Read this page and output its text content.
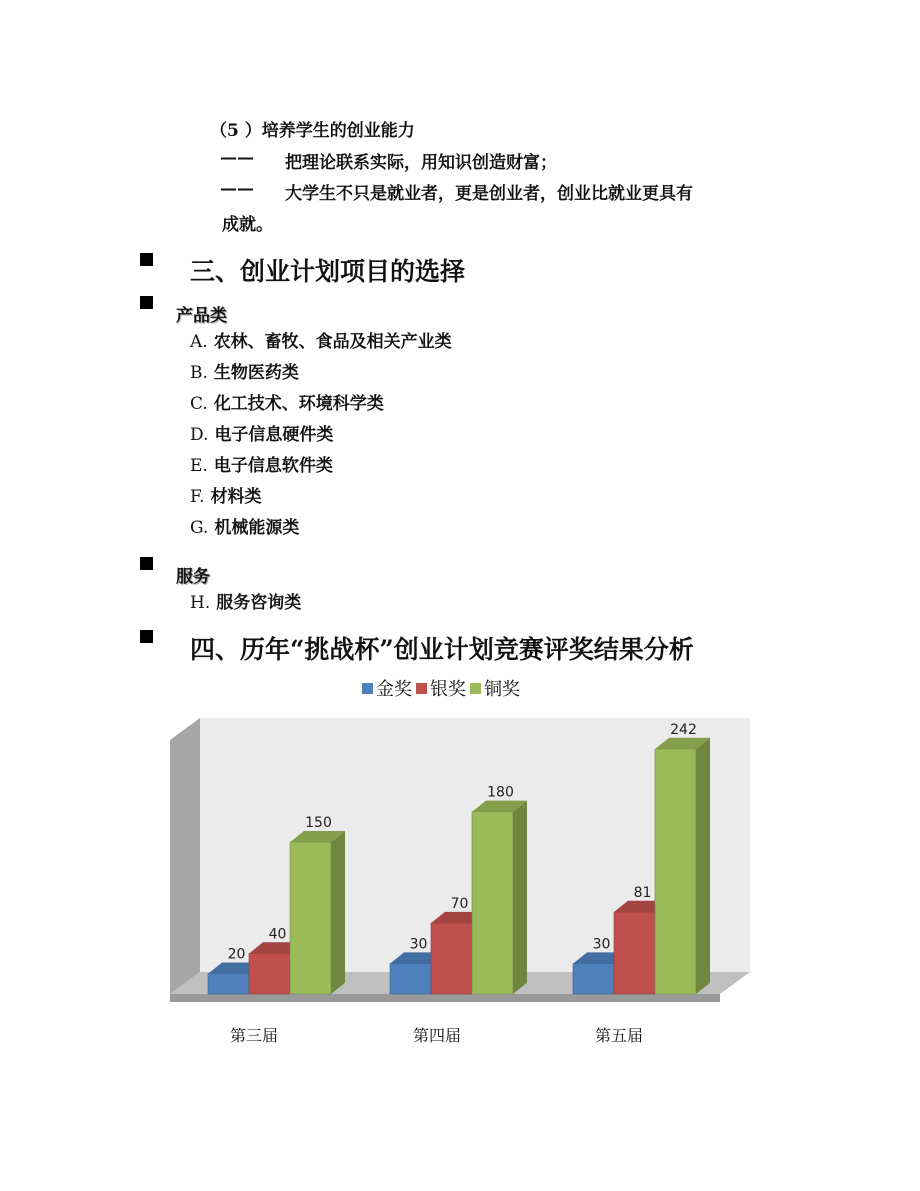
（5 ）培养学生的创业能力
—— 把理论联系实际，用知识创造财富；
—— 大学生不只是就业者，更是创业者，创业比就业更具有
成就。
三、创业计划项目的选择
产品类
A. 农林、畜牧、食品及相关产业类
B. 生物医药类
C. 化工技术、环境科学类
D. 电子信息硬件类
E. 电子信息软件类
F. 材料类
G. 机械能源类
服务
H. 服务咨询类
四、历年“挑战杯”创业计划竞赛评奖结果分析
金奖 银奖 铜奖
20
40
150
30
70
180
30
81
242
第三届	第四届	第五届
